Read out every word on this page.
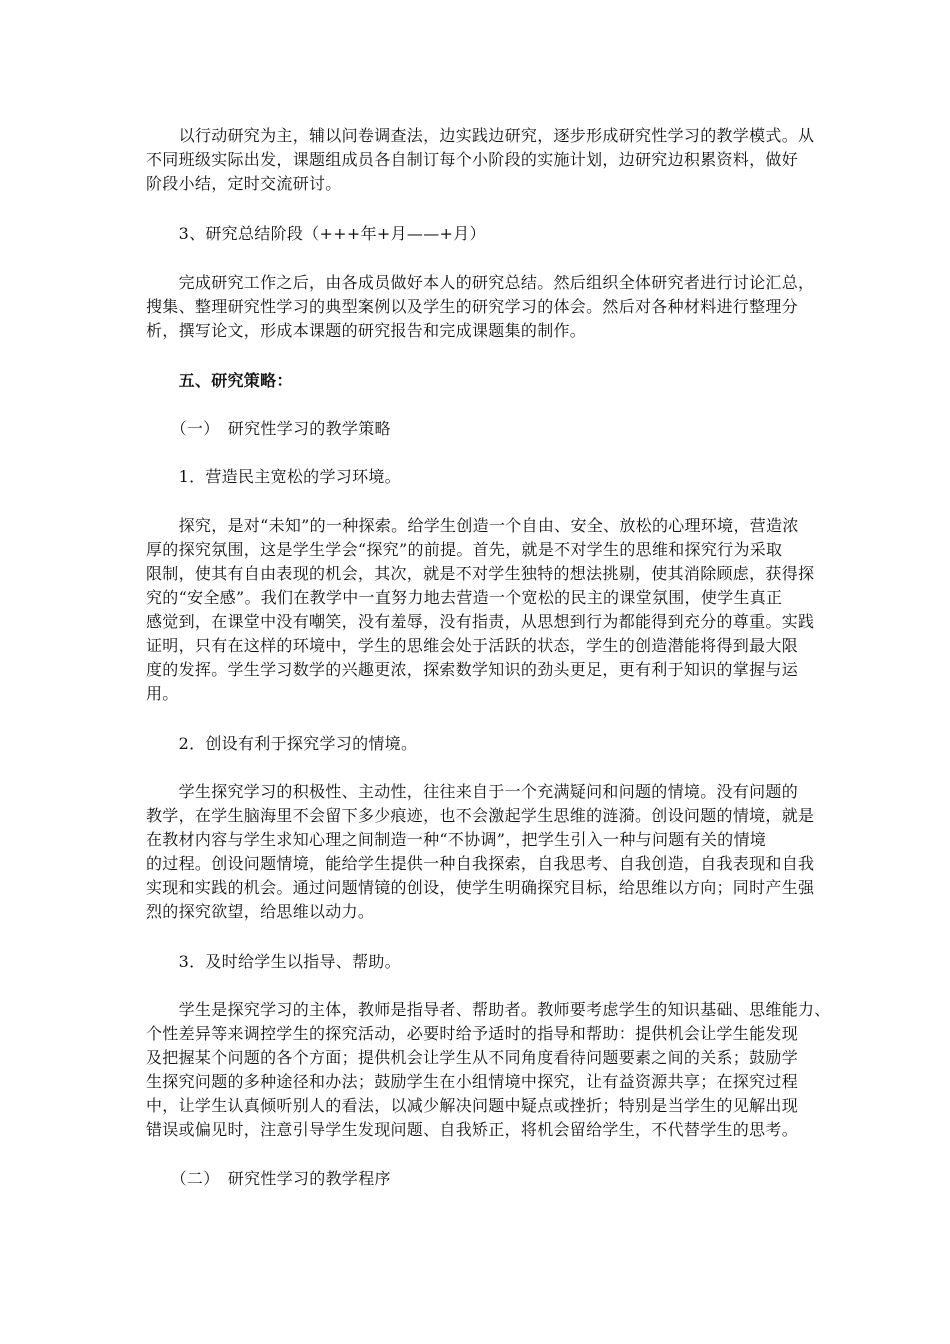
　　以行动研究为主，辅以问卷调查法，边实践边研究，逐步形成研究性学习的教学模式。从
不同班级实际出发，课题组成员各自制订每个小阶段的实施计划，边研究边积累资料，做好
阶段小结，定时交流研讨。
　　3、研究总结阶段（+++年+月——+月）
　　完成研究工作之后，由各成员做好本人的研究总结。然后组织全体研究者进行讨论汇总，
搜集、整理研究性学习的典型案例以及学生的研究学习的体会。然后对各种材料进行整理分
析，撰写论文，形成本课题的研究报告和完成课题集的制作。
　　五、研究策略：
　　（一）　研究性学习的教学策略
　　1．营造民主宽松的学习环境。
　　探究，是对“未知”的一种探索。给学生创造一个自由、安全、放松的心理环境，营造浓
厚的探究氛围，这是学生学会“探究”的前提。首先，就是不对学生的思维和探究行为采取
限制，使其有自由表现的机会，其次，就是不对学生独特的想法挑剔，使其消除顾虑，获得探
究的“安全感”。我们在教学中一直努力地去营造一个宽松的民主的课堂氛围，使学生真正
感觉到，在课堂中没有嘲笑，没有羞辱，没有指责，从思想到行为都能得到充分的尊重。实践
证明，只有在这样的环境中，学生的思维会处于活跃的状态，学生的创造潜能将得到最大限
度的发挥。学生学习数学的兴趣更浓，探索数学知识的劲头更足，更有利于知识的掌握与运
用。
　　2．创设有利于探究学习的情境。
　　学生探究学习的积极性、主动性，往往来自于一个充满疑问和问题的情境。没有问题的
教学，在学生脑海里不会留下多少痕迹，也不会激起学生思维的涟漪。创设问题的情境，就是
在教材内容与学生求知心理之间制造一种“不协调”，把学生引入一种与问题有关的情境
的过程。创设问题情境，能给学生提供一种自我探索，自我思考、自我创造，自我表现和自我
实现和实践的机会。通过问题情镜的创设，使学生明确探究目标，给思维以方向；同时产生强
烈的探究欲望，给思维以动力。
　　3．及时给学生以指导、帮助。
　　学生是探究学习的主体，教师是指导者、帮助者。教师要考虑学生的知识基础、思维能力、
个性差异等来调控学生的探究活动，必要时给予适时的指导和帮助：提供机会让学生能发现
及把握某个问题的各个方面；提供机会让学生从不同角度看待问题要素之间的关系；鼓励学
生探究问题的多种途径和办法；鼓励学生在小组情境中探究，让有益资源共享；在探究过程
中，让学生认真倾听别人的看法，以减少解决问题中疑点或挫折；特别是当学生的见解出现
错误或偏见时，注意引导学生发现问题、自我矫正，将机会留给学生，不代替学生的思考。
　　（二）　研究性学习的教学程序
